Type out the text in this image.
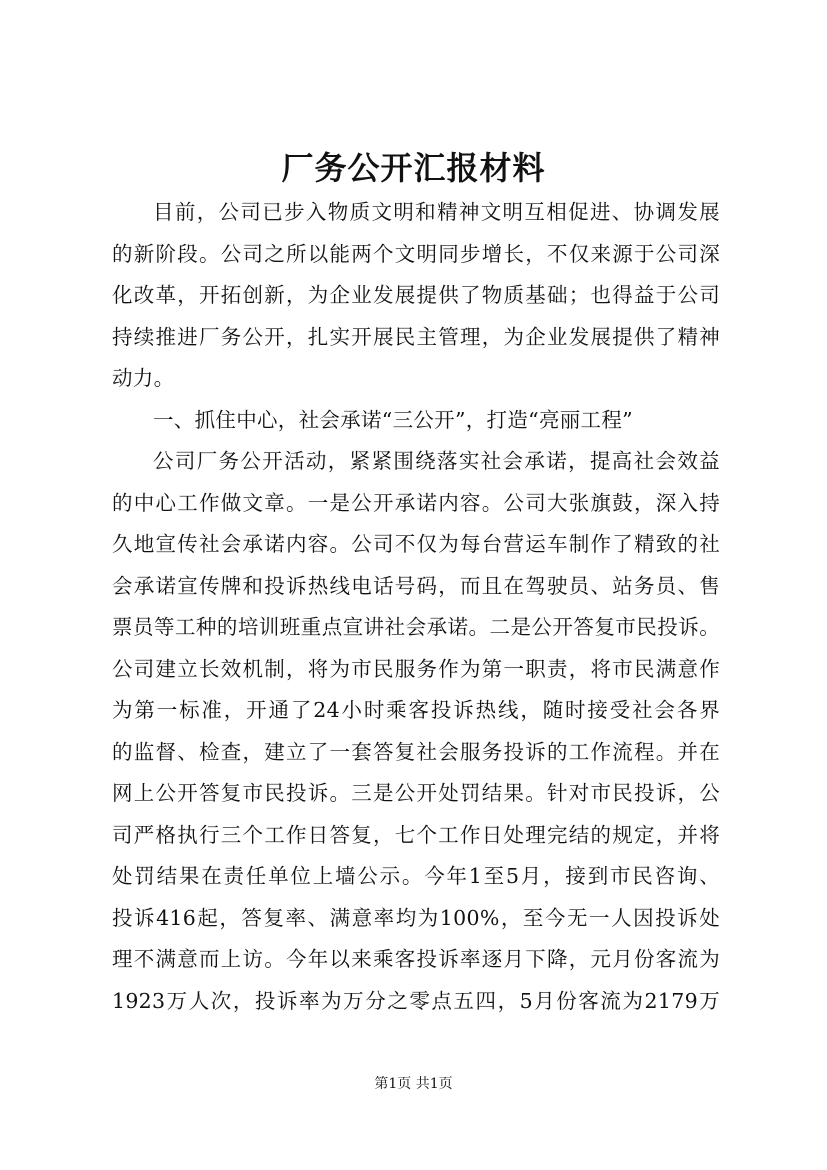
厂务公开汇报材料
目前，公司已步入物质文明和精神文明互相促进、协调发展
的新阶段。公司之所以能两个文明同步增长，不仅来源于公司深
化改革，开拓创新，为企业发展提供了物质基础；也得益于公司
持续推进厂务公开，扎实开展民主管理，为企业发展提供了精神
动力。
一、抓住中心，社会承诺“三公开”，打造“亮丽工程”
公司厂务公开活动，紧紧围绕落实社会承诺，提高社会效益
的中心工作做文章。一是公开承诺内容。公司大张旗鼓，深入持
久地宣传社会承诺内容。公司不仅为每台营运车制作了精致的社
会承诺宣传牌和投诉热线电话号码，而且在驾驶员、站务员、售
票员等工种的培训班重点宣讲社会承诺。二是公开答复市民投诉。
公司建立长效机制，将为市民服务作为第一职责，将市民满意作
为第一标准，开通了24小时乘客投诉热线，随时接受社会各界
的监督、检查，建立了一套答复社会服务投诉的工作流程。并在
网上公开答复市民投诉。三是公开处罚结果。针对市民投诉，公
司严格执行三个工作日答复，七个工作日处理完结的规定，并将
处罚结果在责任单位上墙公示。今年1至5月，接到市民咨询、
投诉416起，答复率、满意率均为100%，至今无一人因投诉处
理不满意而上访。今年以来乘客投诉率逐月下降，元月份客流为
1923万人次，投诉率为万分之零点五四，5月份客流为2179万
第1页 共1页
